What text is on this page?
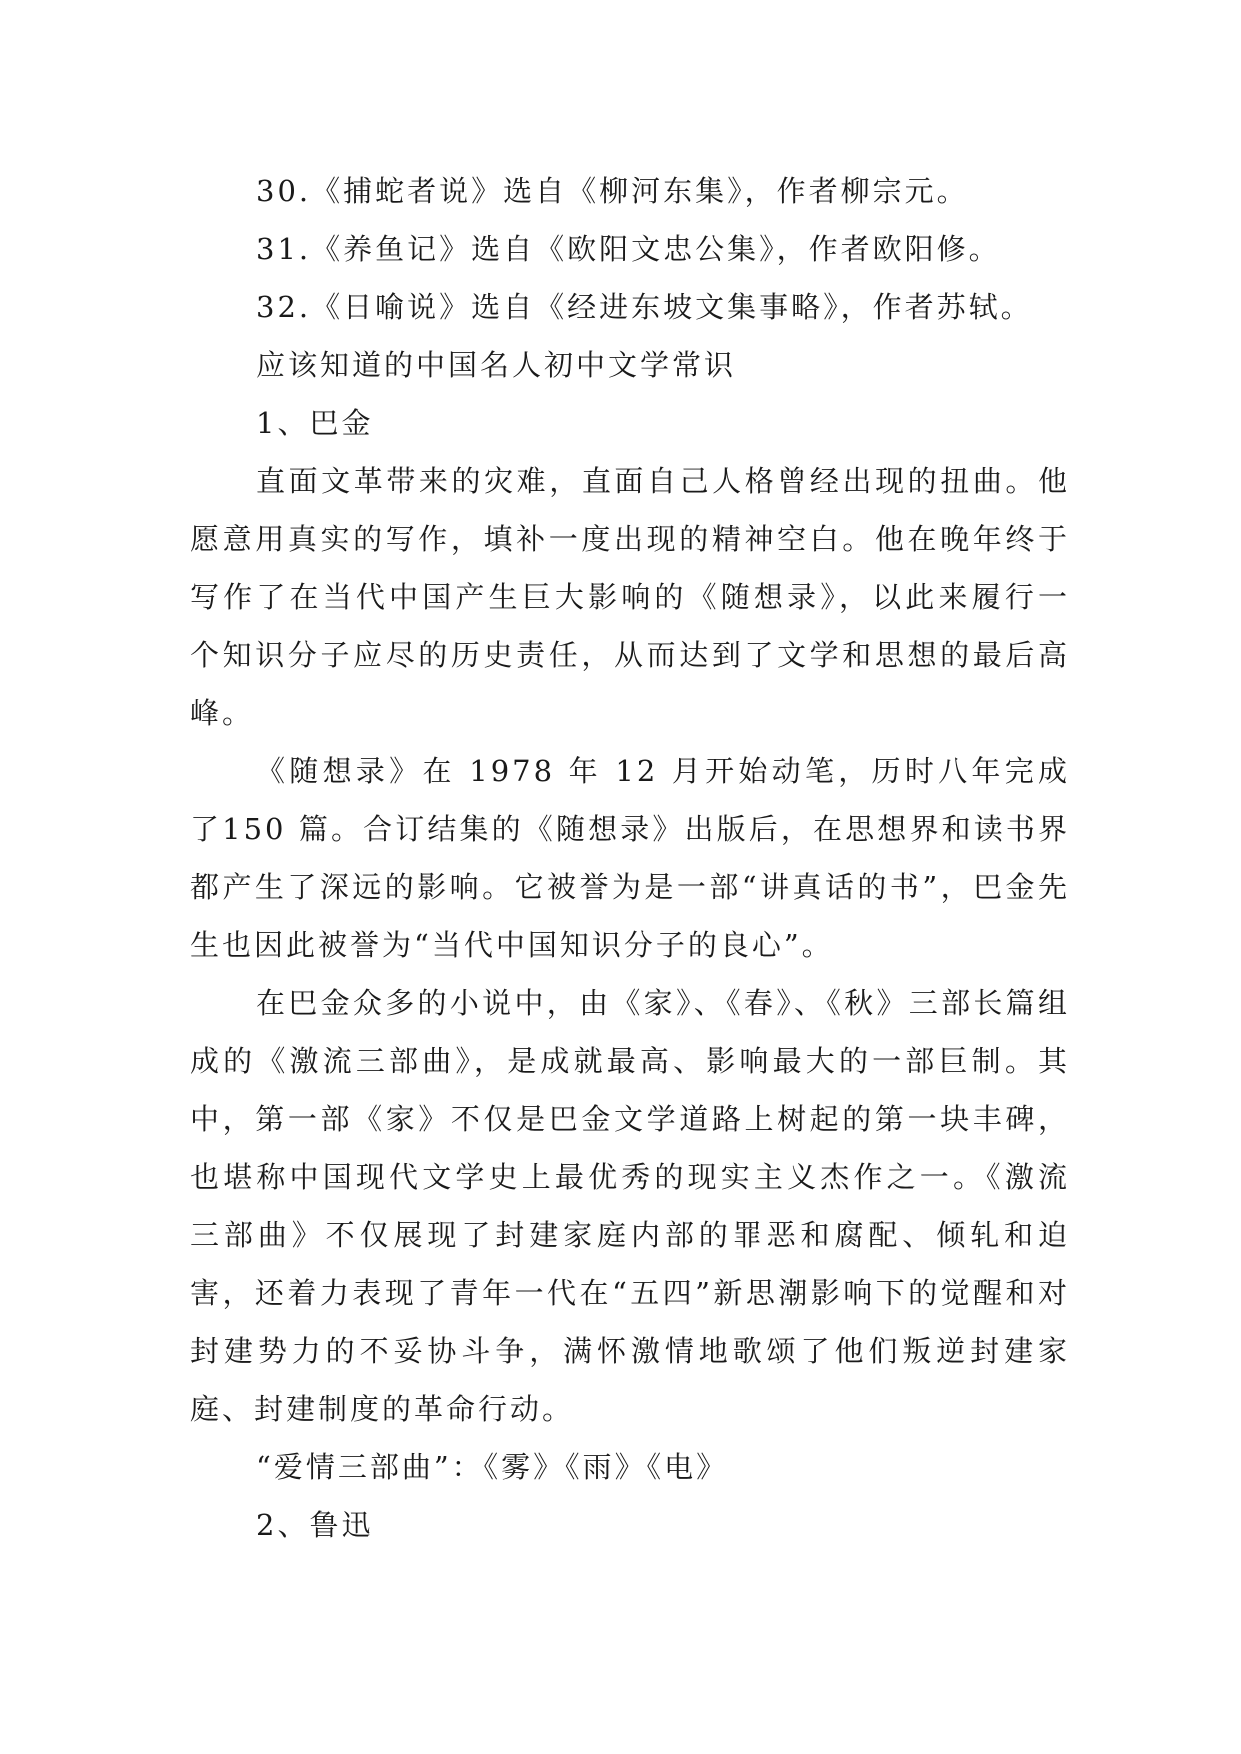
30.《捕蛇者说》选自《柳河东集》，作者柳宗元。
31.《养鱼记》选自《欧阳文忠公集》，作者欧阳修。
32.《日喻说》选自《经进东坡文集事略》，作者苏轼。
应该知道的中国名人初中文学常识
1、巴金

直面文革带来的灾难，直面自己人格曾经出现的扭曲。他愿意用真实的写作，填补一度出现的精神空白。他在晚年终于写作了在当代中国产生巨大影响的《随想录》，以此来履行一个知识分子应尽的历史责任，从而达到了文学和思想的最后高峰。

《随想录》在 1978 年 12 月开始动笔，历时八年完成了150 篇。合订结集的《随想录》出版后，在思想界和读书界都产生了深远的影响。它被誉为是一部“讲真话的书”，巴金先生也因此被誉为“当代中国知识分子的良心”。

在巴金众多的小说中，由《家》、《春》、《秋》三部长篇组成的《激流三部曲》，是成就最高、影响最大的一部巨制。其中，第一部《家》不仅是巴金文学道路上树起的第一块丰碑，也堪称中国现代文学史上最优秀的现实主义杰作之一。《激流三部曲》不仅展现了封建家庭内部的罪恶和腐配、倾轧和迫害，还着力表现了青年一代在“五四”新思潮影响下的觉醒和对封建势力的不妥协斗争，满怀激情地歌颂了他们叛逆封建家庭、封建制度的革命行动。

“爱情三部曲”：《雾》《雨》《电》
2、鲁迅
